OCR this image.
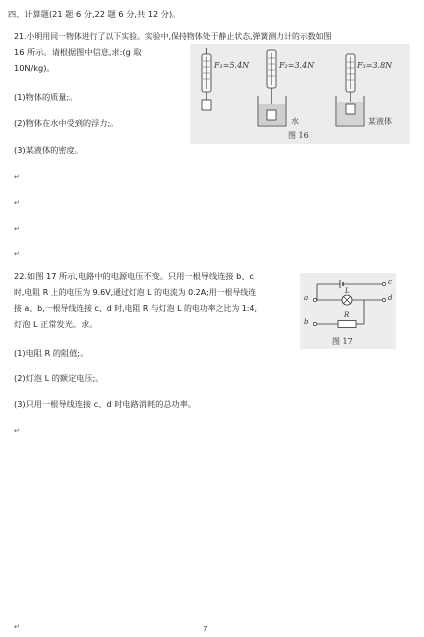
四、计算题(21 题 6 分,22 题 6 分,共 12 分)。
21.小明用同一物体进行了以下实验。实验中,保持物体处于静止状态,弹簧测力计的示数如图
16 所示。请根据图中信息,求:(g 取
10N/kg)。
(1)物体的质量;。
(2)物体在水中受到的浮力;。
(3)某液体的密度。
↵
↵
↵
↵
F₁=5.4N	F₂=3.4N	F₃=3.8N
水	某液体
图 16
22.如图 17 所示,电路中的电源电压不变。只用一根导线连接 b、c
时,电阻 R 上的电压为 9.6V,通过灯泡 L 的电流为 0.2A;用一根导线连
接 a、b,一根导线连接 c、d 时,电阻 R 与灯泡 L 的电功率之比为 1:4,
灯泡 L 正常发光。求。
(1)电阻 R 的阻值;。
(2)灯泡 L 的额定电压;。
(3)只用一根导线连接 c、d 时电路消耗的总功率。
↵
↵
c
a	d
b
L
R
图 17
7
